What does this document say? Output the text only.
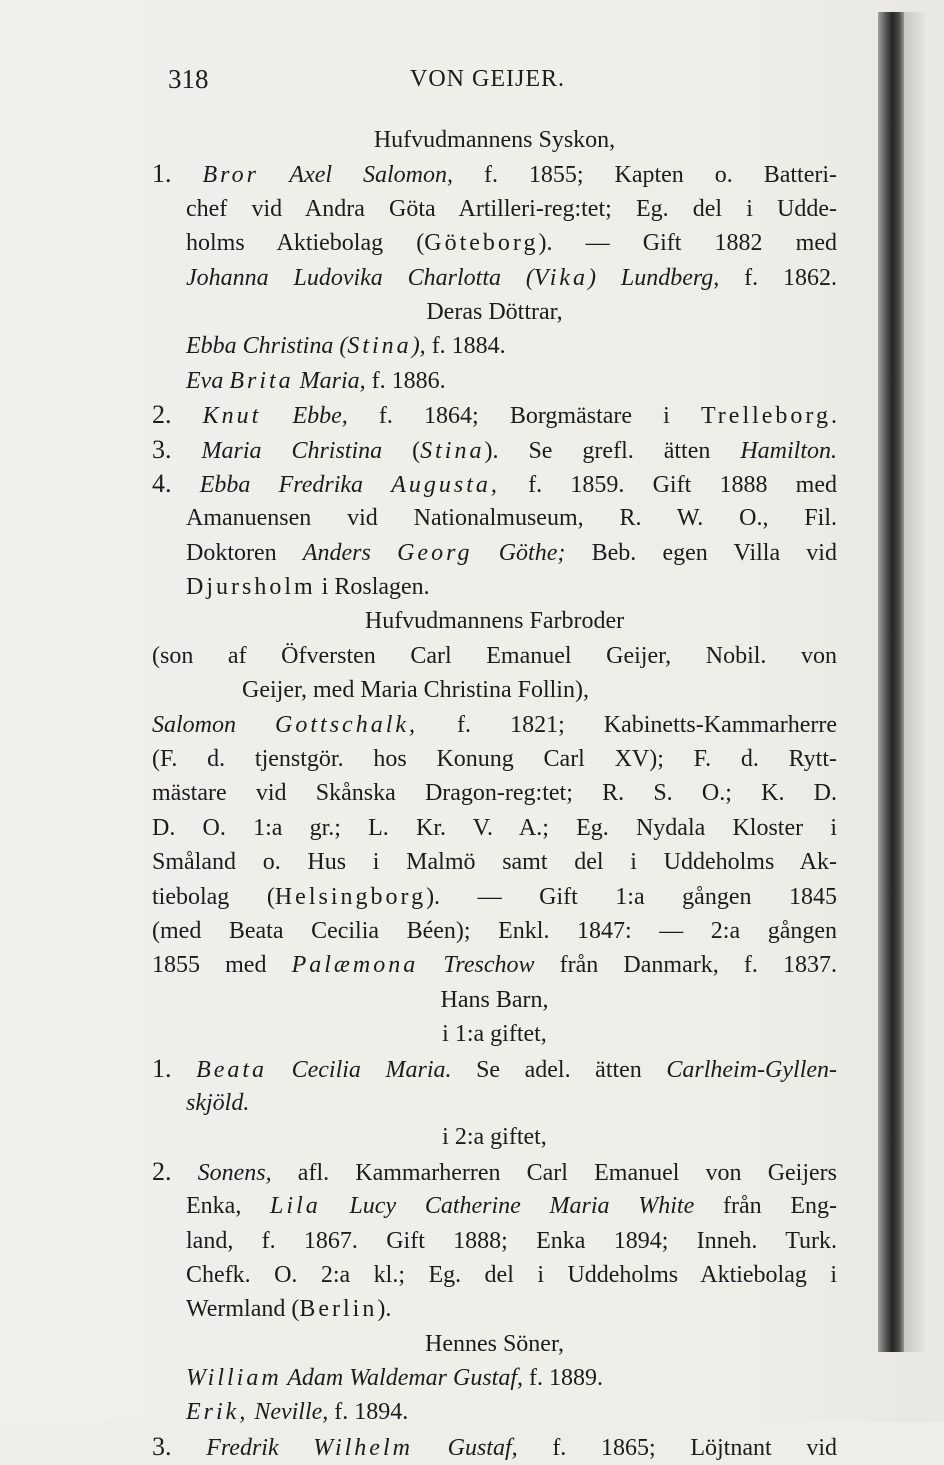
318	VON GEIJER.
Hufvudmannens Syskon,
1. Bror Axel Salomon, f. 1855; Kapten o. Batteri-
chef vid Andra Göta Artilleri-reg:tet; Eg. del i Udde-
holms Aktiebolag (Göteborg). — Gift 1882 med
Johanna Ludovika Charlotta (Vika) Lundberg, f. 1862.
Deras Döttrar,
Ebba Christina (Stina), f. 1884.
Eva Brita Maria, f. 1886.
2. Knut Ebbe, f. 1864; Borgmästare i Trelleborg.
3. Maria Christina (Stina). Se grefl. ätten Hamilton.
4. Ebba Fredrika Augusta, f. 1859. Gift 1888 med
Amanuensen vid Nationalmuseum, R. W. O., Fil.
Doktoren Anders Georg Göthe; Beb. egen Villa vid
Djursholm i Roslagen.
Hufvudmannens Farbroder
(son af Öfversten Carl Emanuel Geijer, Nobil. von
Geijer, med Maria Christina Follin),
Salomon Gottschalk, f. 1821; Kabinetts-Kammarherre
(F. d. tjenstgör. hos Konung Carl XV); F. d. Rytt-
mästare vid Skånska Dragon-reg:tet; R. S. O.; K. D.
D. O. 1:a gr.; L. Kr. V. A.; Eg. Nydala Kloster i
Småland o. Hus i Malmö samt del i Uddeholms Ak-
tiebolag (Helsingborg). — Gift 1:a gången 1845
(med Beata Cecilia Béen); Enkl. 1847: — 2:a gången
1855 med Palæmona Treschow från Danmark, f. 1837.
Hans Barn,
i 1:a giftet,
1. Beata Cecilia Maria. Se adel. ätten Carlheim-Gyllen-
skjöld.
i 2:a giftet,
2. Sonens, afl. Kammarherren Carl Emanuel von Geijers
Enka, Lila Lucy Catherine Maria White från Eng-
land, f. 1867. Gift 1888; Enka 1894; Inneh. Turk.
Chefk. O. 2:a kl.; Eg. del i Uddeholms Aktiebolag i
Wermland (Berlin).
Hennes Söner,
William Adam Waldemar Gustaf, f. 1889.
Erik, Neville, f. 1894.
3. Fredrik Wilhelm Gustaf, f. 1865; Löjtnant vid
